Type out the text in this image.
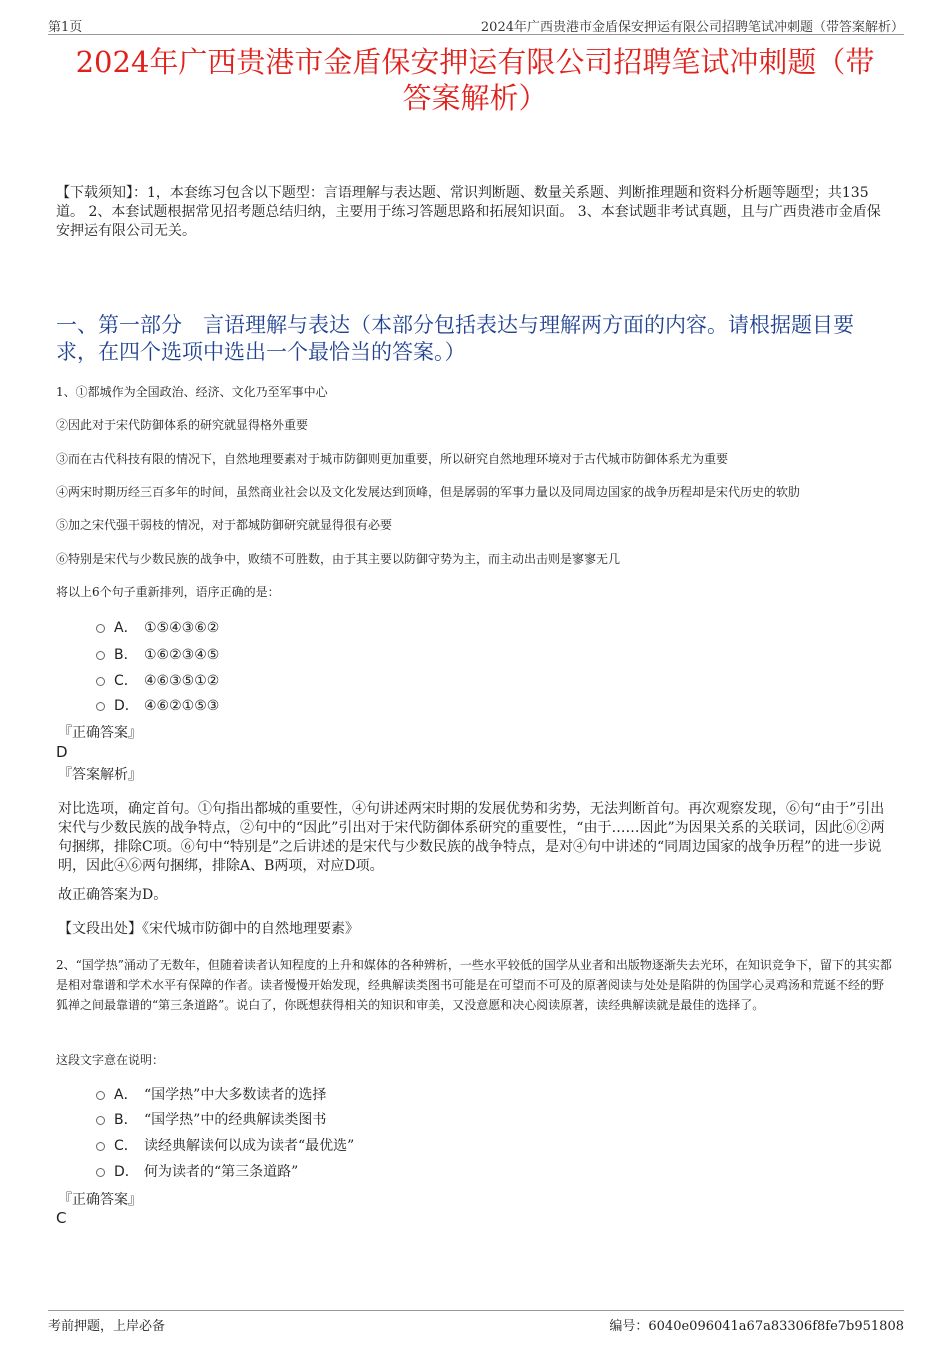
第1页	2024年广西贵港市金盾保安押运有限公司招聘笔试冲刺题（带答案解析）
2024年广西贵港市金盾保安押运有限公司招聘笔试冲刺题（带
答案解析）
【下载须知】：1，本套练习包含以下题型：言语理解与表达题、常识判断题、数量关系题、判断推理题和资料分析题等题型；共135道。 2、本套试题根据常见招考题总结归纳，主要用于练习答题思路和拓展知识面。 3、本套试题非考试真题，且与广西贵港市金盾保安押运有限公司无关。
一、第一部分　言语理解与表达（本部分包括表达与理解两方面的内容。请根据题目要求，在四个选项中选出一个最恰当的答案。）
1、①都城作为全国政治、经济、文化乃至军事中心
②因此对于宋代防御体系的研究就显得格外重要
③而在古代科技有限的情况下，自然地理要素对于城市防御则更加重要，所以研究自然地理环境对于古代城市防御体系尤为重要
④两宋时期历经三百多年的时间，虽然商业社会以及文化发展达到顶峰，但是孱弱的军事力量以及同周边国家的战争历程却是宋代历史的软肋
⑤加之宋代强干弱枝的情况，对于都城防御研究就显得很有必要
⑥特别是宋代与少数民族的战争中，败绩不可胜数，由于其主要以防御守势为主，而主动出击则是寥寥无几
将以上6个句子重新排列，语序正确的是：
A． ①⑤④③⑥②
B． ①⑥②③④⑤
C． ④⑥③⑤①②
D． ④⑥②①⑤③
『正确答案』
D
『答案解析』
对比选项，确定首句。①句指出都城的重要性，④句讲述两宋时期的发展优势和劣势，无法判断首句。再次观察发现，⑥句“由于”引出宋代与少数民族的战争特点，②句中的“因此”引出对于宋代防御体系研究的重要性，“由于……因此”为因果关系的关联词，因此⑥②两句捆绑，排除C项。⑥句中“特别是”之后讲述的是宋代与少数民族的战争特点，是对④句中讲述的“同周边国家的战争历程”的进一步说明，因此④⑥两句捆绑，排除A、B两项，对应D项。
故正确答案为D。
【文段出处】《宋代城市防御中的自然地理要素》
2、“国学热”涌动了无数年，但随着读者认知程度的上升和媒体的各种辨析，一些水平较低的国学从业者和出版物逐渐失去光环，在知识竞争下，留下的其实都是相对靠谱和学术水平有保障的作者。读者慢慢开始发现，经典解读类图书可能是在可望而不可及的原著阅读与处处是陷阱的伪国学心灵鸡汤和荒诞不经的野狐禅之间最靠谱的“第三条道路”。说白了，你既想获得相关的知识和审美，又没意愿和决心阅读原著，读经典解读就是最佳的选择了。
这段文字意在说明：
A． “国学热”中大多数读者的选择
B． “国学热”中的经典解读类图书
C． 读经典解读何以成为读者“最优选”
D． 何为读者的“第三条道路”
『正确答案』
C
考前押题，上岸必备	编号：6040e096041a67a83306f8fe7b951808
